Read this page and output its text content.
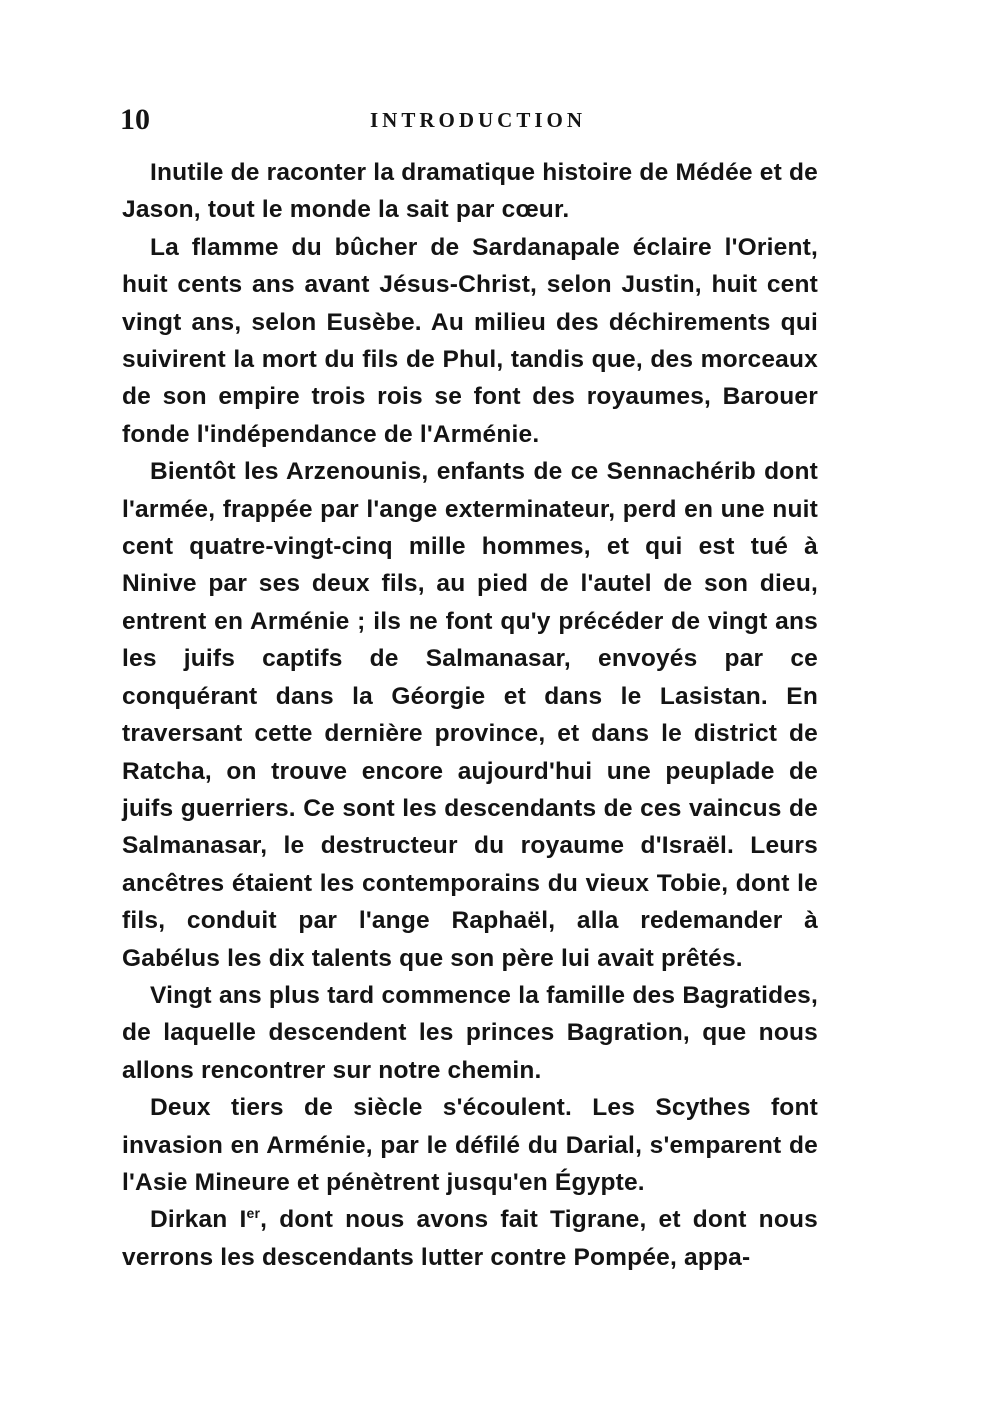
10	INTRODUCTION

Inutile de raconter la dramatique histoire de Médée et de Jason, tout le monde la sait par cœur.

La flamme du bûcher de Sardanapale éclaire l'Orient, huit cents ans avant Jésus-Christ, selon Justin, huit cent vingt ans, selon Eusèbe. Au milieu des déchirements qui suivirent la mort du fils de Phul, tandis que, des morceaux de son empire trois rois se font des royaumes, Barouer fonde l'indépendance de l'Arménie.

Bientôt les Arzenounis, enfants de ce Sennachérib dont l'armée, frappée par l'ange exterminateur, perd en une nuit cent quatre-vingt-cinq mille hommes, et qui est tué à Ninive par ses deux fils, au pied de l'autel de son dieu, entrent en Arménie ; ils ne font qu'y précéder de vingt ans les juifs captifs de Salmanasar, envoyés par ce conquérant dans la Géorgie et dans le Lasistan. En traversant cette dernière province, et dans le district de Ratcha, on trouve encore aujourd'hui une peuplade de juifs guerriers. Ce sont les descendants de ces vaincus de Salmanasar, le destructeur du royaume d'Israël. Leurs ancêtres étaient les contemporains du vieux Tobie, dont le fils, conduit par l'ange Raphaël, alla redemander à Gabélus les dix talents que son père lui avait prêtés.

Vingt ans plus tard commence la famille des Bagratides, de laquelle descendent les princes Bagration, que nous allons rencontrer sur notre chemin.

Deux tiers de siècle s'écoulent. Les Scythes font invasion en Arménie, par le défilé du Darial, s'emparent de l'Asie Mineure et pénètrent jusqu'en Égypte.

Dirkan Ier, dont nous avons fait Tigrane, et dont nous verrons les descendants lutter contre Pompée, appa-
